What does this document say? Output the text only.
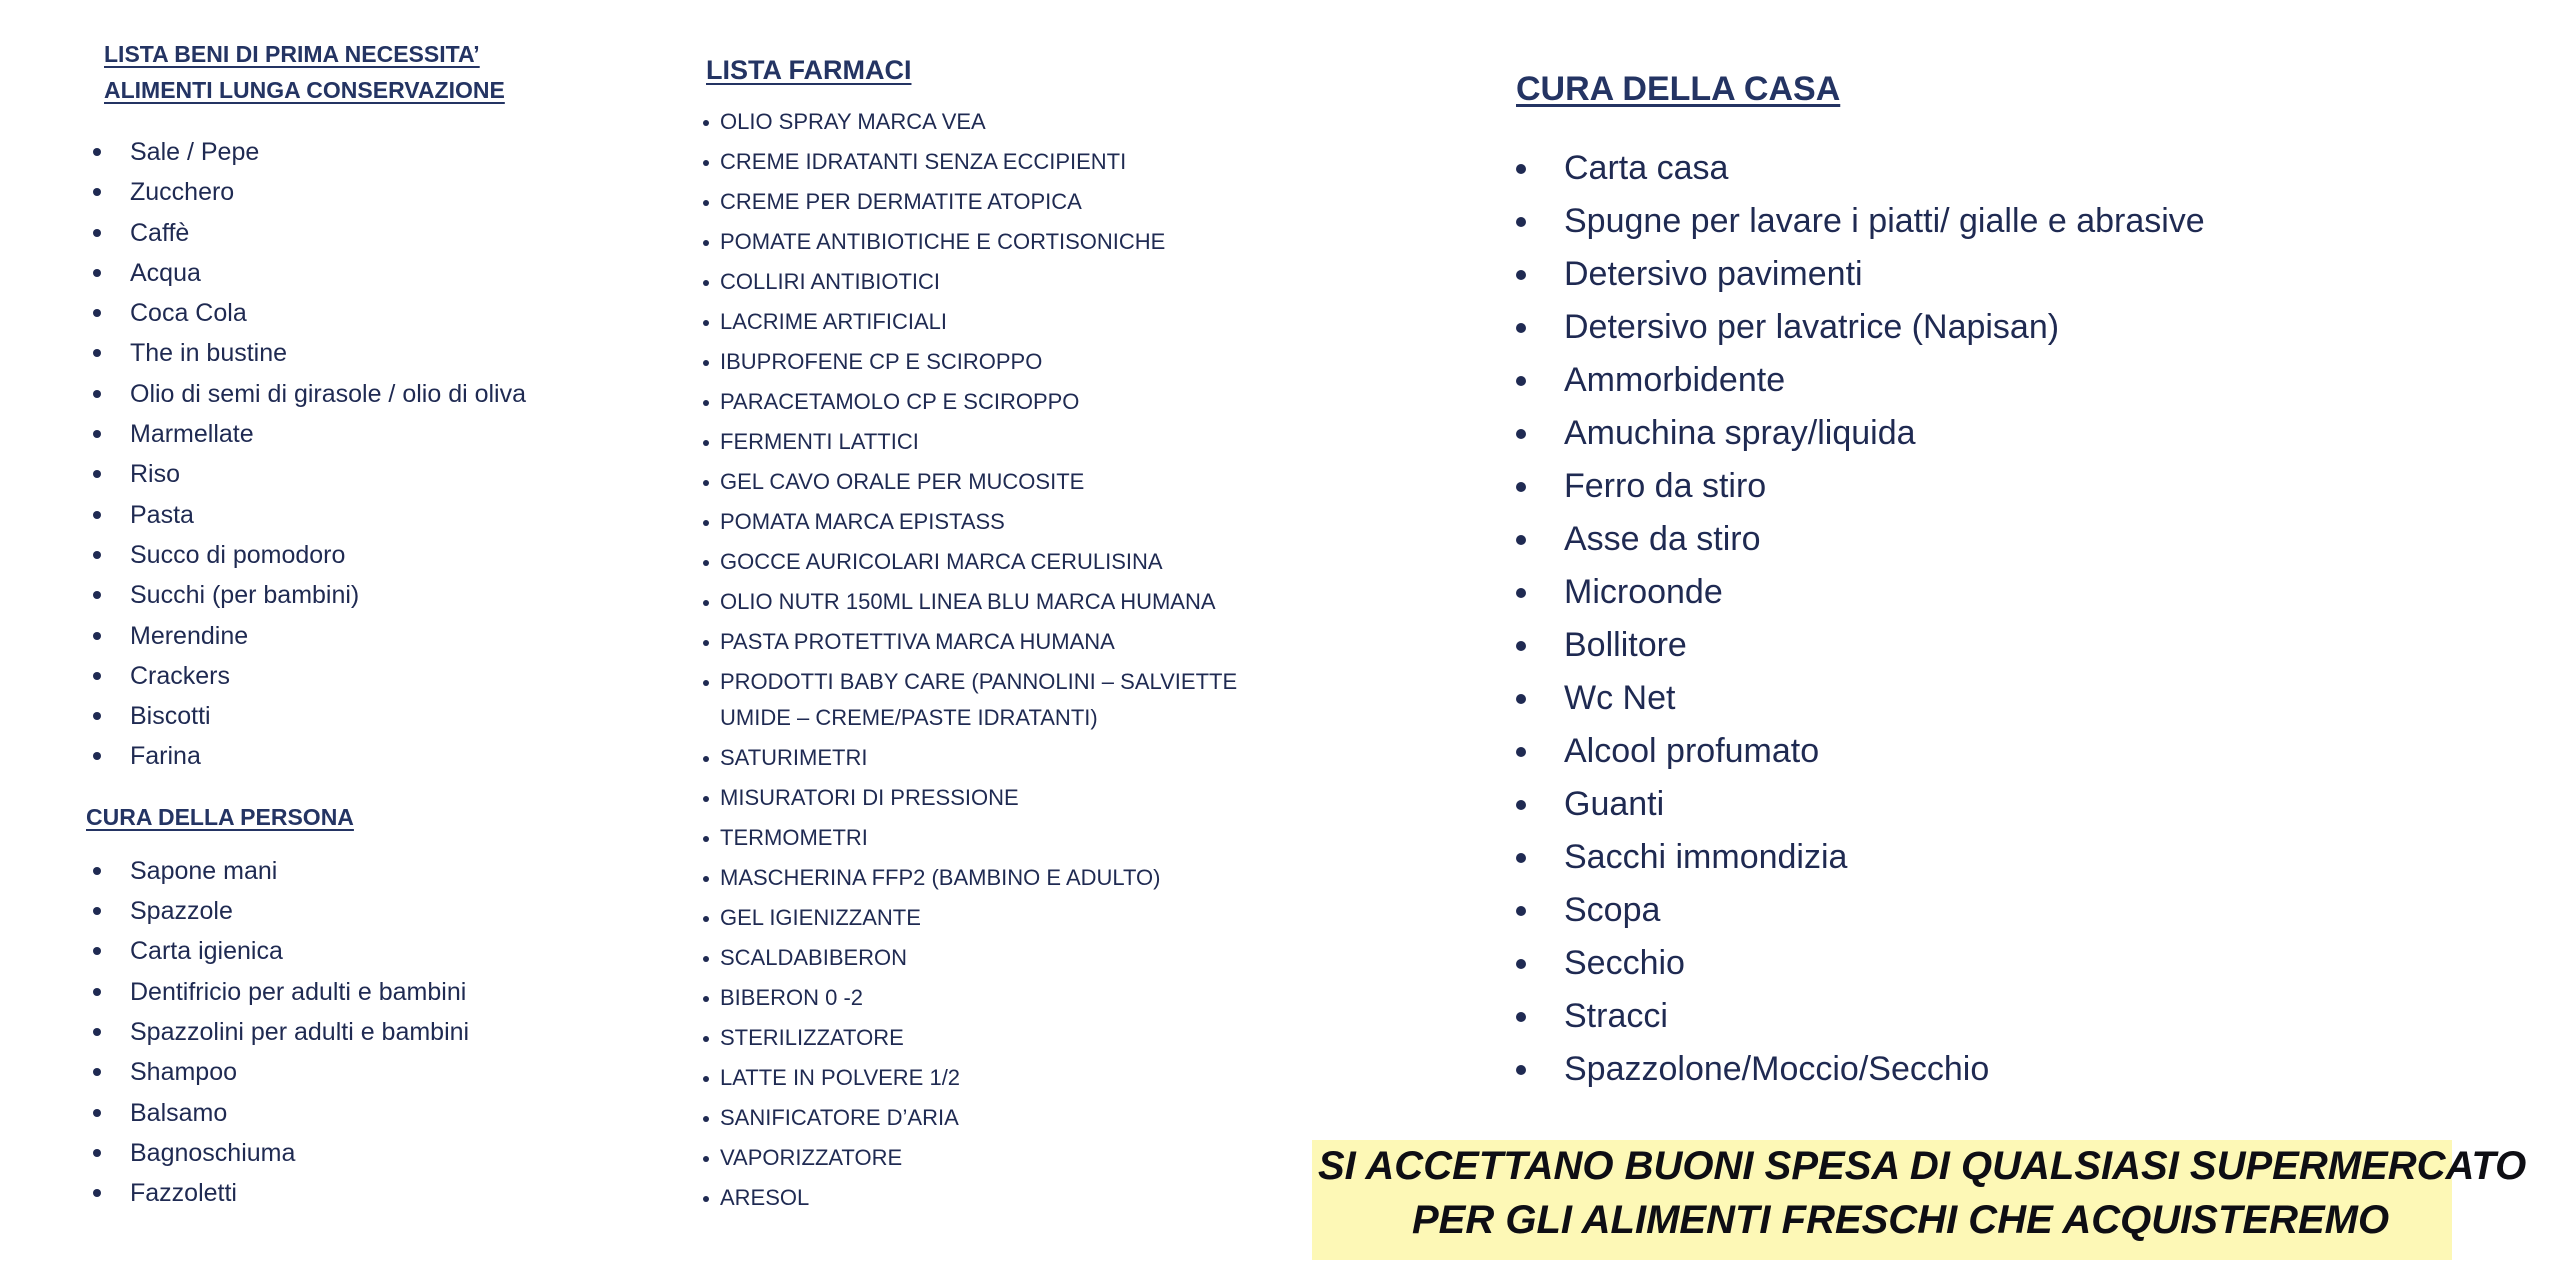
LISTA BENI DI PRIMA NECESSITA’

ALIMENTI LUNGA CONSERVAZIONE

Sale / Pepe
Zucchero
Caffè
Acqua
Coca Cola
The in bustine
Olio di semi di girasole / olio di oliva
Marmellate
Riso
Pasta
Succo di pomodoro
Succhi (per bambini)
Merendine
Crackers
Biscotti
Farina

CURA DELLA PERSONA

Sapone mani
Spazzole
Carta igienica
Dentifricio per adulti e bambini
Spazzolini per adulti e bambini
Shampoo
Balsamo
Bagnoschiuma
Fazzoletti

LISTA FARMACI

OLIO SPRAY MARCA VEA
CREME IDRATANTI SENZA ECCIPIENTI
CREME PER DERMATITE ATOPICA
POMATE ANTIBIOTICHE E CORTISONICHE
COLLIRI ANTIBIOTICI
LACRIME ARTIFICIALI
IBUPROFENE CP E SCIROPPO
PARACETAMOLO CP E SCIROPPO
FERMENTI LATTICI
GEL CAVO ORALE PER MUCOSITE
POMATA MARCA EPISTASS
GOCCE AURICOLARI MARCA CERULISINA
OLIO NUTR 150ML LINEA BLU MARCA HUMANA
PASTA PROTETTIVA MARCA HUMANA
PRODOTTI BABY CARE (PANNOLINI – SALVIETTE UMIDE – CREME/PASTE IDRATANTI)
SATURIMETRI
MISURATORI DI PRESSIONE
TERMOMETRI
MASCHERINA FFP2 (BAMBINO E ADULTO)
GEL IGIENIZZANTE
SCALDABIBERON
BIBERON 0 -2
STERILIZZATORE
LATTE IN POLVERE 1/2
SANIFICATORE D’ARIA
VAPORIZZATORE
ARESOL

CURA DELLA CASA

Carta casa
Spugne per lavare i piatti/ gialle e abrasive
Detersivo pavimenti
Detersivo per lavatrice (Napisan)
Ammorbidente
Amuchina spray/liquida
Ferro da stiro
Asse da stiro
Microonde
Bollitore
Wc Net
Alcool profumato
Guanti
Sacchi immondizia
Scopa
Secchio
Stracci
Spazzolone/Moccio/Secchio
SI ACCETTANO BUONI SPESA DI QUALSIASI SUPERMERCATO
PER GLI ALIMENTI FRESCHI CHE ACQUISTEREMO
